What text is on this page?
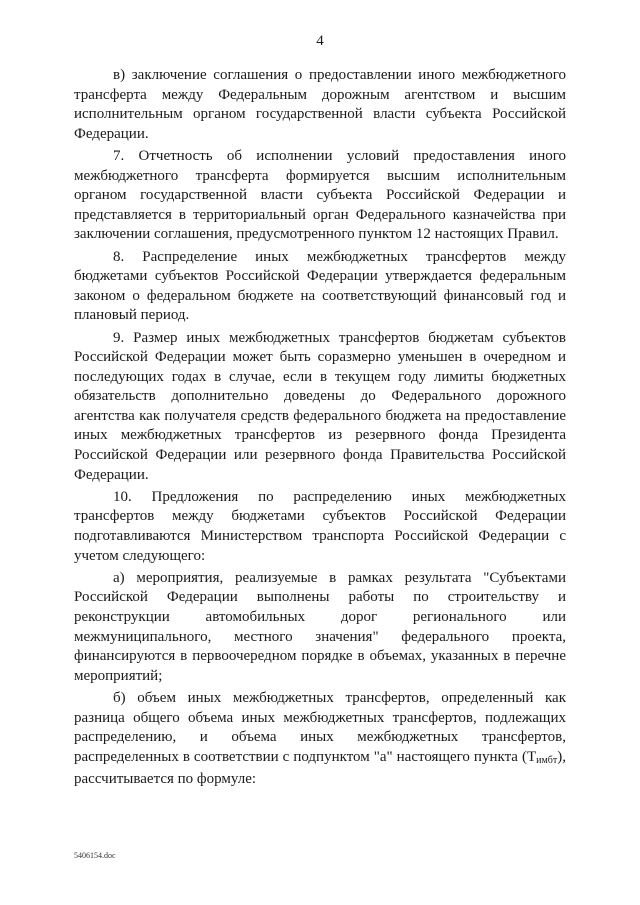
4

в) заключение соглашения о предоставлении иного межбюджетного трансферта между Федеральным дорожным агентством и высшим исполнительным органом государственной власти субъекта Российской Федерации.

7. Отчетность об исполнении условий предоставления иного межбюджетного трансферта формируется высшим исполнительным органом государственной власти субъекта Российской Федерации и представляется в территориальный орган Федерального казначейства при заключении соглашения, предусмотренного пунктом 12 настоящих Правил.

8. Распределение иных межбюджетных трансфертов между бюджетами субъектов Российской Федерации утверждается федеральным законом о федеральном бюджете на соответствующий финансовый год и плановый период.

9. Размер иных межбюджетных трансфертов бюджетам субъектов Российской Федерации может быть соразмерно уменьшен в очередном и последующих годах в случае, если в текущем году лимиты бюджетных обязательств дополнительно доведены до Федерального дорожного агентства как получателя средств федерального бюджета на предоставление иных межбюджетных трансфертов из резервного фонда Президента Российской Федерации или резервного фонда Правительства Российской Федерации.

10. Предложения по распределению иных межбюджетных трансфертов между бюджетами субъектов Российской Федерации подготавливаются Министерством транспорта Российской Федерации с учетом следующего:

а) мероприятия, реализуемые в рамках результата "Субъектами Российской Федерации выполнены работы по строительству и реконструкции автомобильных дорог регионального или межмуниципального, местного значения" федерального проекта, финансируются в первоочередном порядке в объемах, указанных в перечне мероприятий;

б) объем иных межбюджетных трансфертов, определенный как разница общего объема иных межбюджетных трансфертов, подлежащих распределению, и объема иных межбюджетных трансфертов, распределенных в соответствии с подпунктом "а" настоящего пункта $(T_{имбт})$, рассчитывается по формуле:

5406154.doc
